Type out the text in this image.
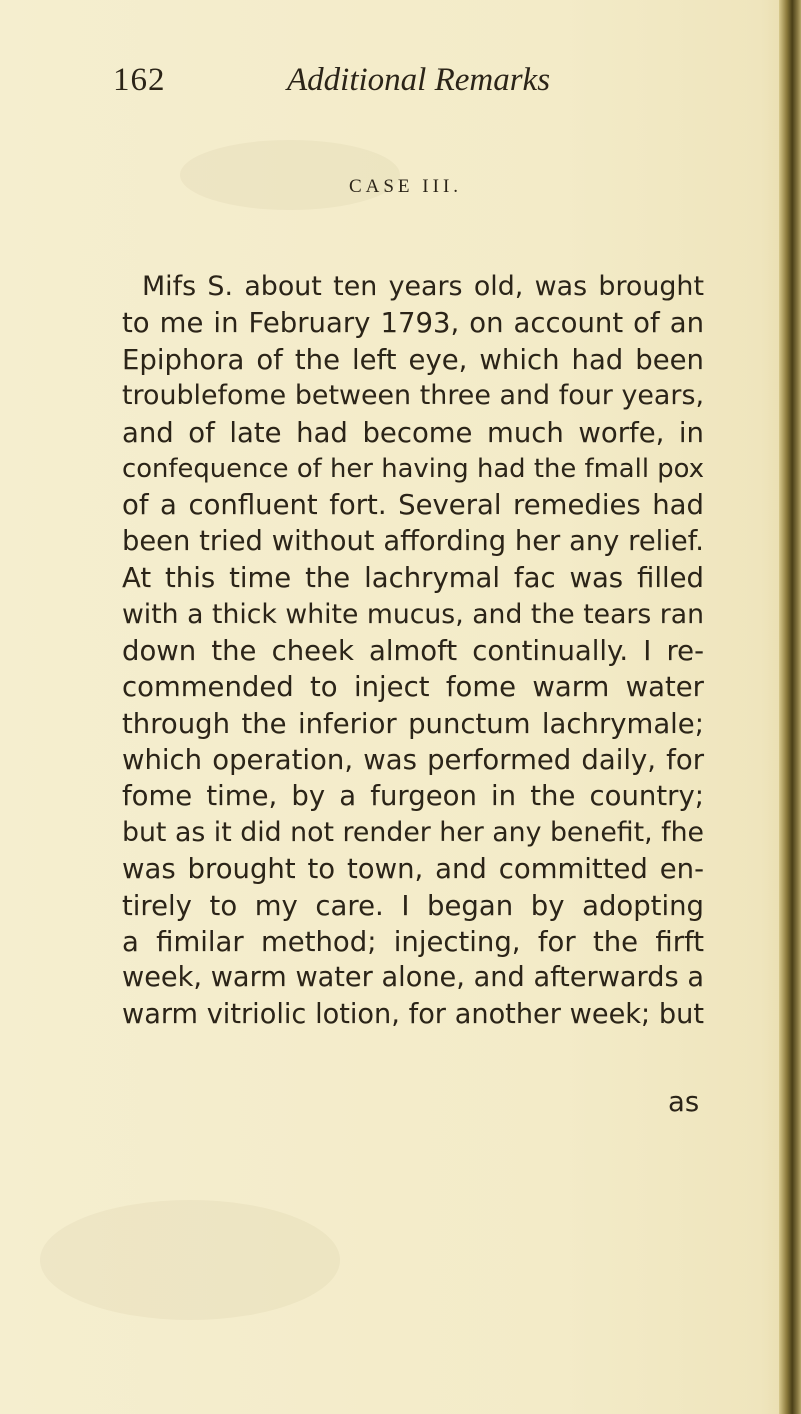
162	Additional Remarks
CASE III.
Mifs S. about ten years old, was brought
to me in February 1793, on account of an
Epiphora of the left eye, which had been
troublefome between three and four years,
and of late had become much worfe, in
confequence of her having had the fmall pox
of a confluent fort. Several remedies had
been tried without affording her any relief.
At this time the lachrymal fac was filled
with a thick white mucus, and the tears ran
down the cheek almoft continually. I re-
commended to inject fome warm water
through the inferior punctum lachrymale;
which operation, was performed daily, for
fome time, by a furgeon in the country;
but as it did not render her any benefit, fhe
was brought to town, and committed en-
tirely to my care. I began by adopting
a fimilar method; injecting, for the firft
week, warm water alone, and afterwards a
warm vitriolic lotion, for another week; but
as
